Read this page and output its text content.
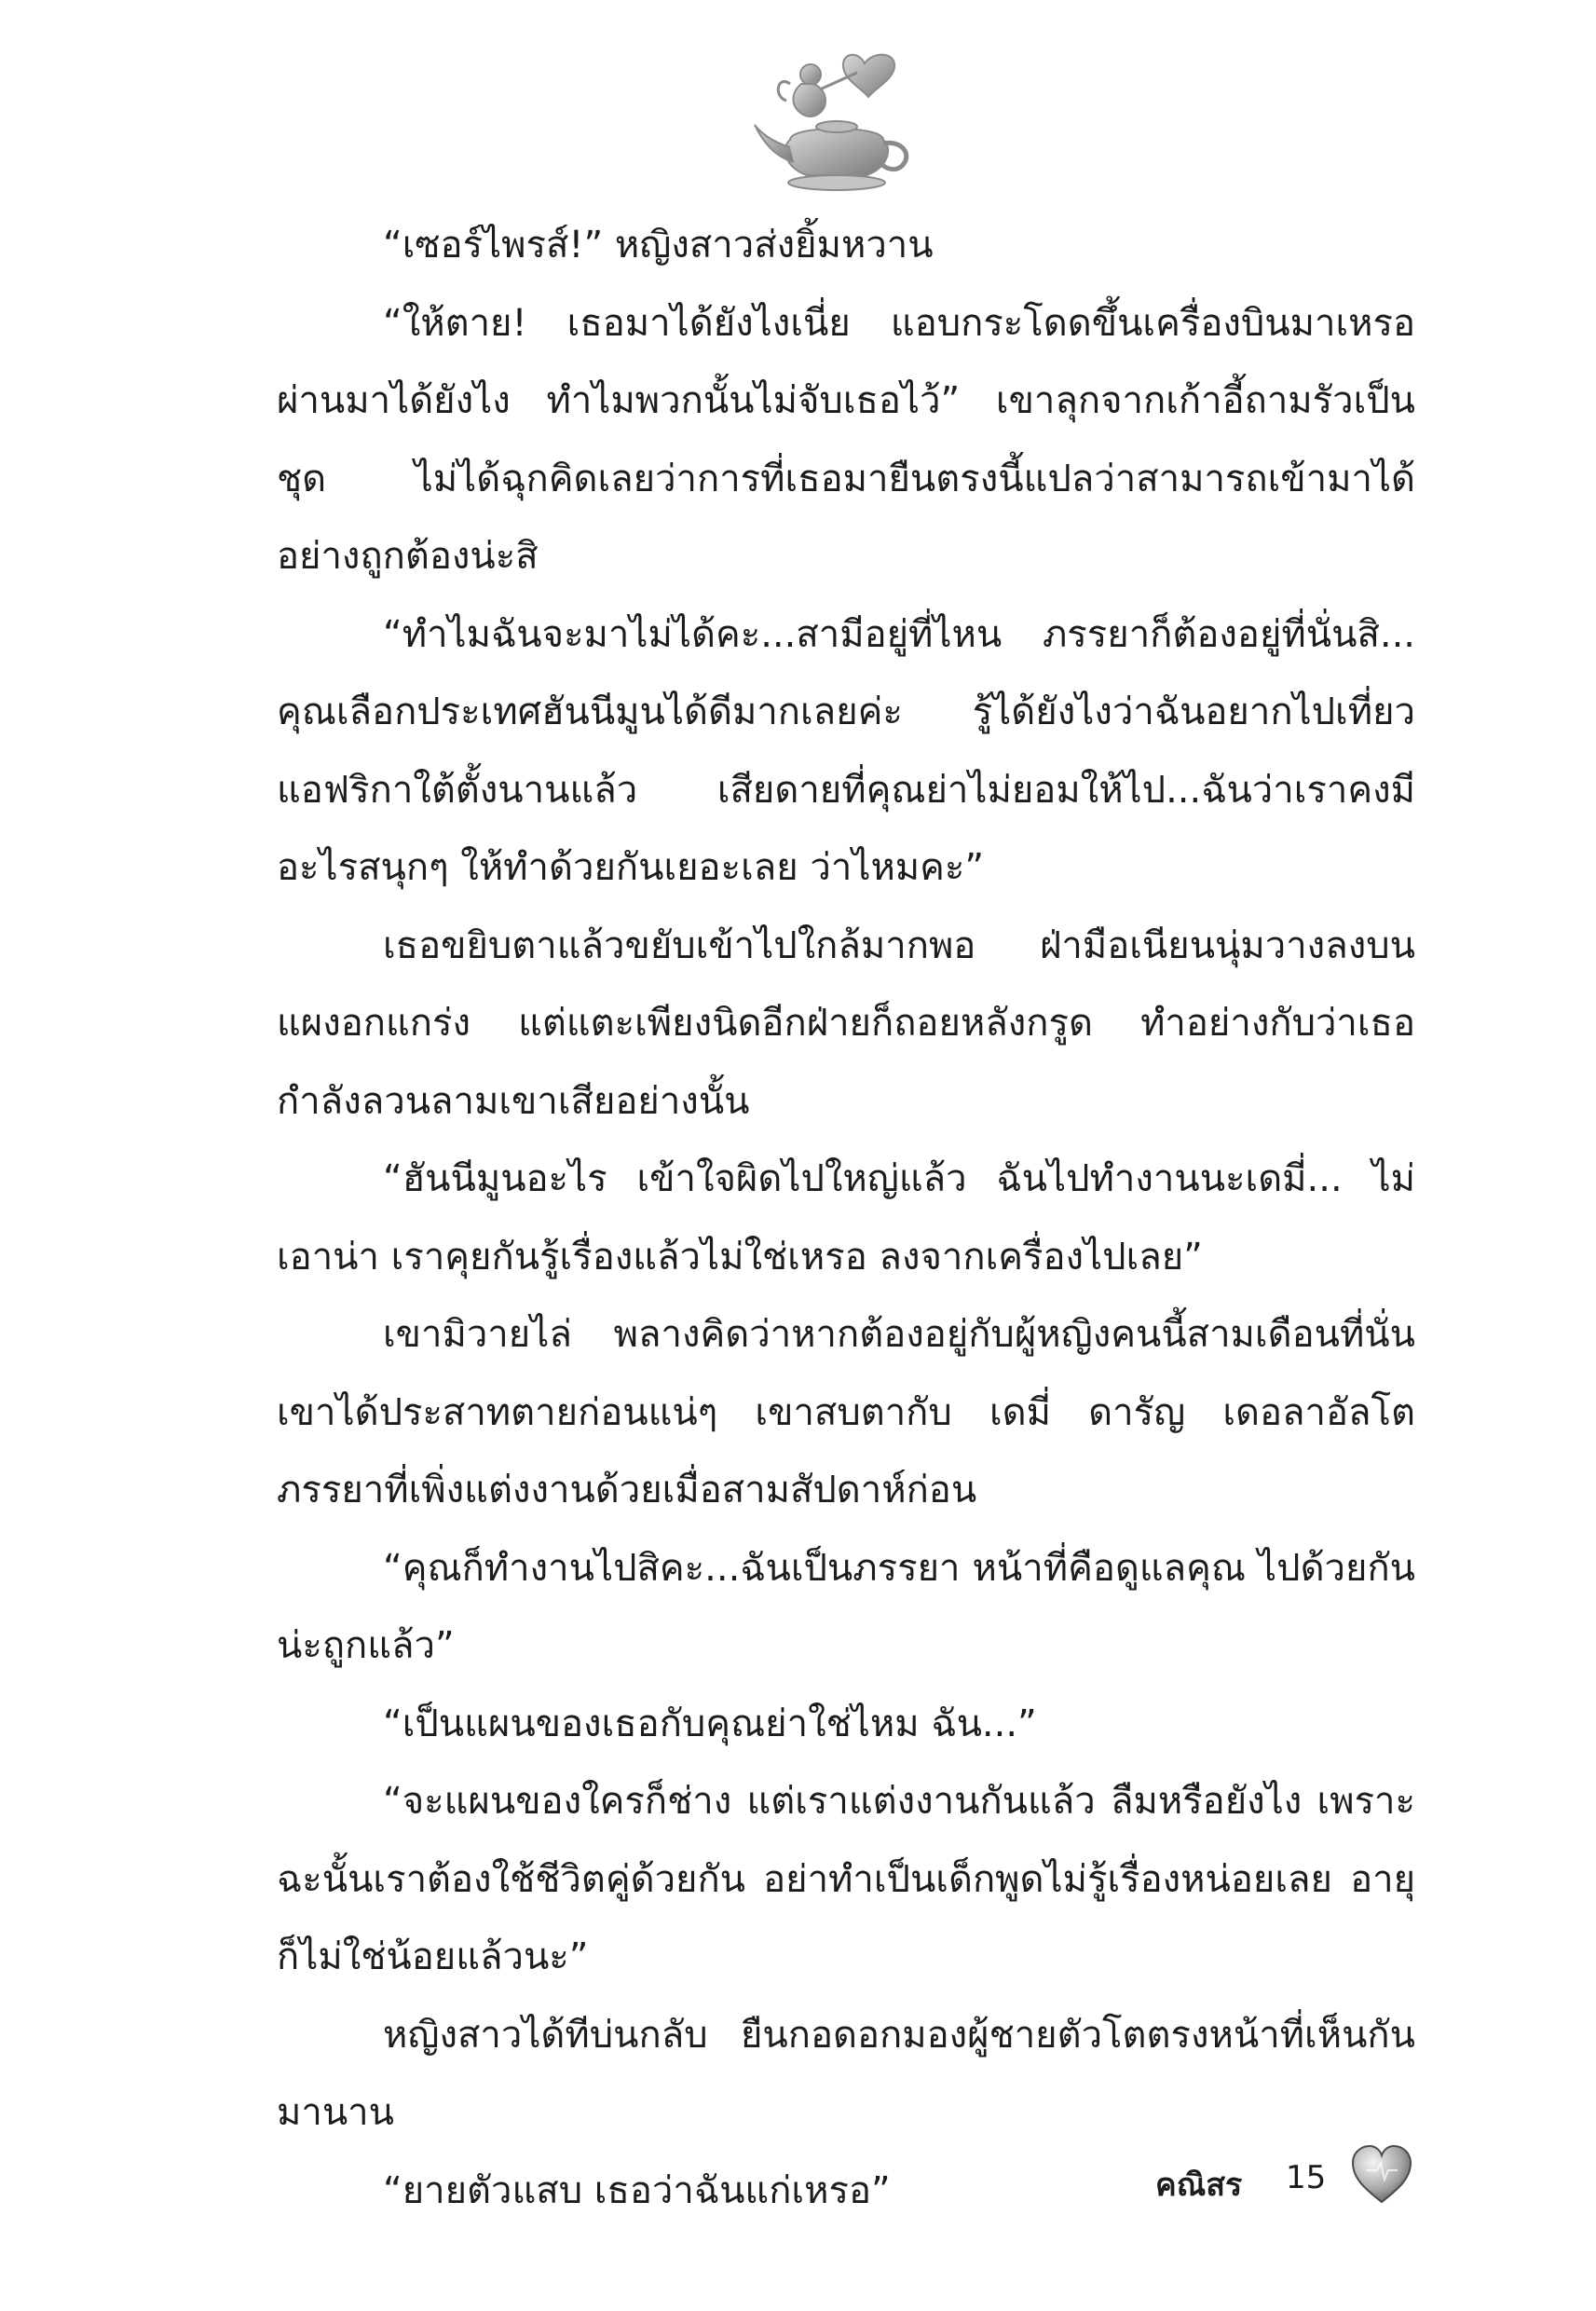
“เซอร์ไพรส์!” หญิงสาวส่งยิ้มหวาน

“ให้ตาย! เธอมาได้ยังไงเนี่ย แอบกระโดดขึ้นเครื่องบินมาเหรอ ผ่านมาได้ยังไง ทำไมพวกนั้นไม่จับเธอไว้” เขาลุกจากเก้าอี้ถามรัวเป็นชุด ไม่ได้ฉุกคิดเลยว่าการที่เธอมายืนตรงนี้แปลว่าสามารถเข้ามาได้อย่างถูกต้องน่ะสิ

“ทำไมฉันจะมาไม่ได้คะ...สามีอยู่ที่ไหน ภรรยาก็ต้องอยู่ที่นั่นสิ... คุณเลือกประเทศฮันนีมูนได้ดีมากเลยค่ะ รู้ได้ยังไงว่าฉันอยากไปเที่ยวแอฟริกาใต้ตั้งนานแล้ว เสียดายที่คุณย่าไม่ยอมให้ไป...ฉันว่าเราคงมีอะไรสนุกๆ ให้ทำด้วยกันเยอะเลย ว่าไหมคะ”

เธอขยิบตาแล้วขยับเข้าไปใกล้มากพอ ฝ่ามือเนียนนุ่มวางลงบนแผงอกแกร่ง แต่แตะเพียงนิดอีกฝ่ายก็ถอยหลังกรูด ทำอย่างกับว่าเธอกำลังลวนลามเขาเสียอย่างนั้น

“ฮันนีมูนอะไร เข้าใจผิดไปใหญ่แล้ว ฉันไปทำงานนะเดมี่... ไม่เอาน่า เราคุยกันรู้เรื่องแล้วไม่ใช่เหรอ ลงจากเครื่องไปเลย”

เขามิวายไล่ พลางคิดว่าหากต้องอยู่กับผู้หญิงคนนี้สามเดือนที่นั่นเขาได้ประสาทตายก่อนแน่ๆ เขาสบตากับ เดมี่ ดารัญ เดอลาอัลโตภรรยาที่เพิ่งแต่งงานด้วยเมื่อสามสัปดาห์ก่อน

“คุณก็ทำงานไปสิคะ...ฉันเป็นภรรยา หน้าที่คือดูแลคุณ ไปด้วยกันน่ะถูกแล้ว”

“เป็นแผนของเธอกับคุณย่าใช่ไหม ฉัน...”

“จะแผนของใครก็ช่าง แต่เราแต่งงานกันแล้ว ลืมหรือยังไง เพราะฉะนั้นเราต้องใช้ชีวิตคู่ด้วยกัน อย่าทำเป็นเด็กพูดไม่รู้เรื่องหน่อยเลย อายุก็ไม่ใช่น้อยแล้วนะ”

หญิงสาวได้ทีบ่นกลับ ยืนกอดอกมองผู้ชายตัวโตตรงหน้าที่เห็นกันมานาน

“ยายตัวแสบ เธอว่าฉันแก่เหรอ”	คณิสร 15
